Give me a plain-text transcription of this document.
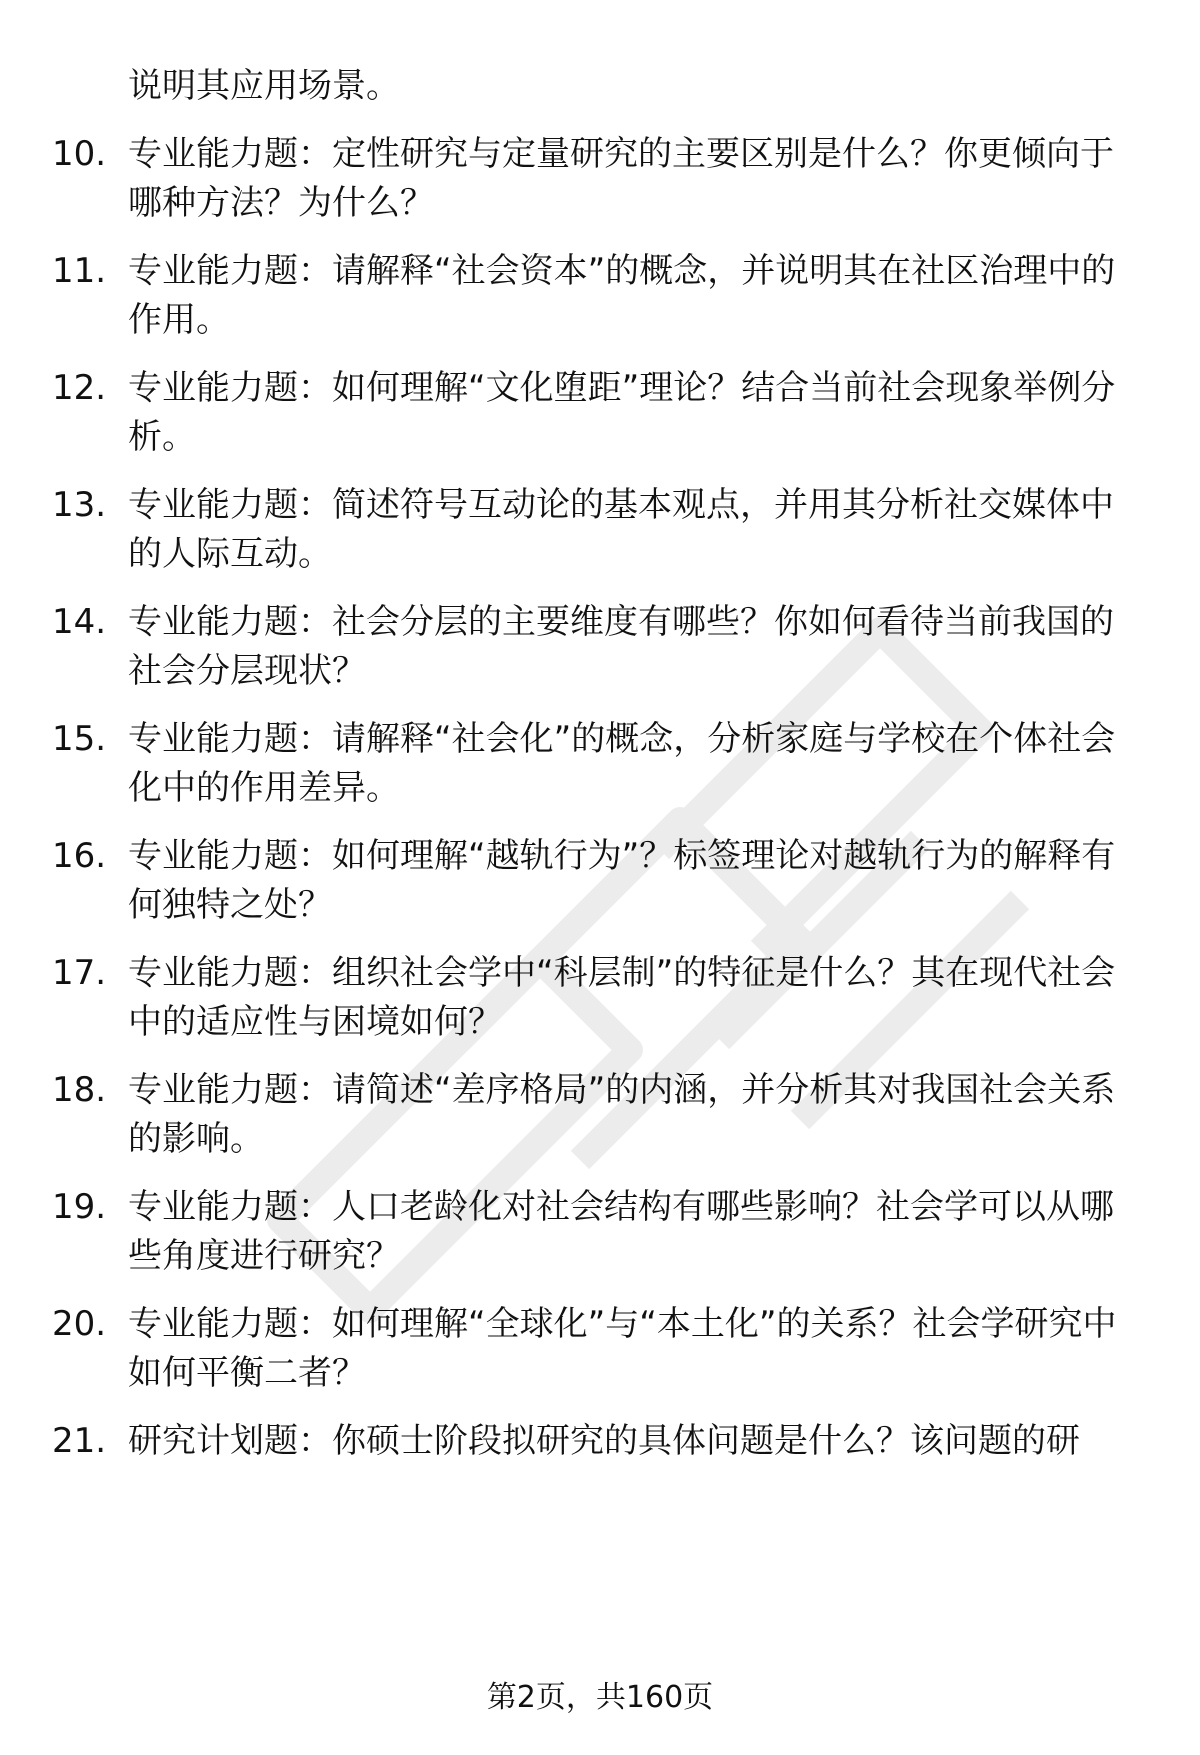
说明其应用场景。
10. 专业能力题：定性研究与定量研究的主要区别是什么？你更倾向于哪种方法？为什么？
11. 专业能力题：请解释“社会资本”的概念，并说明其在社区治理中的作用。
12. 专业能力题：如何理解“文化堕距”理论？结合当前社会现象举例分析。
13. 专业能力题：简述符号互动论的基本观点，并用其分析社交媒体中的人际互动。
14. 专业能力题：社会分层的主要维度有哪些？你如何看待当前我国的社会分层现状？
15. 专业能力题：请解释“社会化”的概念，分析家庭与学校在个体社会化中的作用差异。
16. 专业能力题：如何理解“越轨行为”？标签理论对越轨行为的解释有何独特之处？
17. 专业能力题：组织社会学中“科层制”的特征是什么？其在现代社会中的适应性与困境如何？
18. 专业能力题：请简述“差序格局”的内涵，并分析其对我国社会关系的影响。
19. 专业能力题：人口老龄化对社会结构有哪些影响？社会学可以从哪些角度进行研究？
20. 专业能力题：如何理解“全球化”与“本土化”的关系？社会学研究中如何平衡二者？
21. 研究计划题：你硕士阶段拟研究的具体问题是什么？该问题的研
第2页，共160页
